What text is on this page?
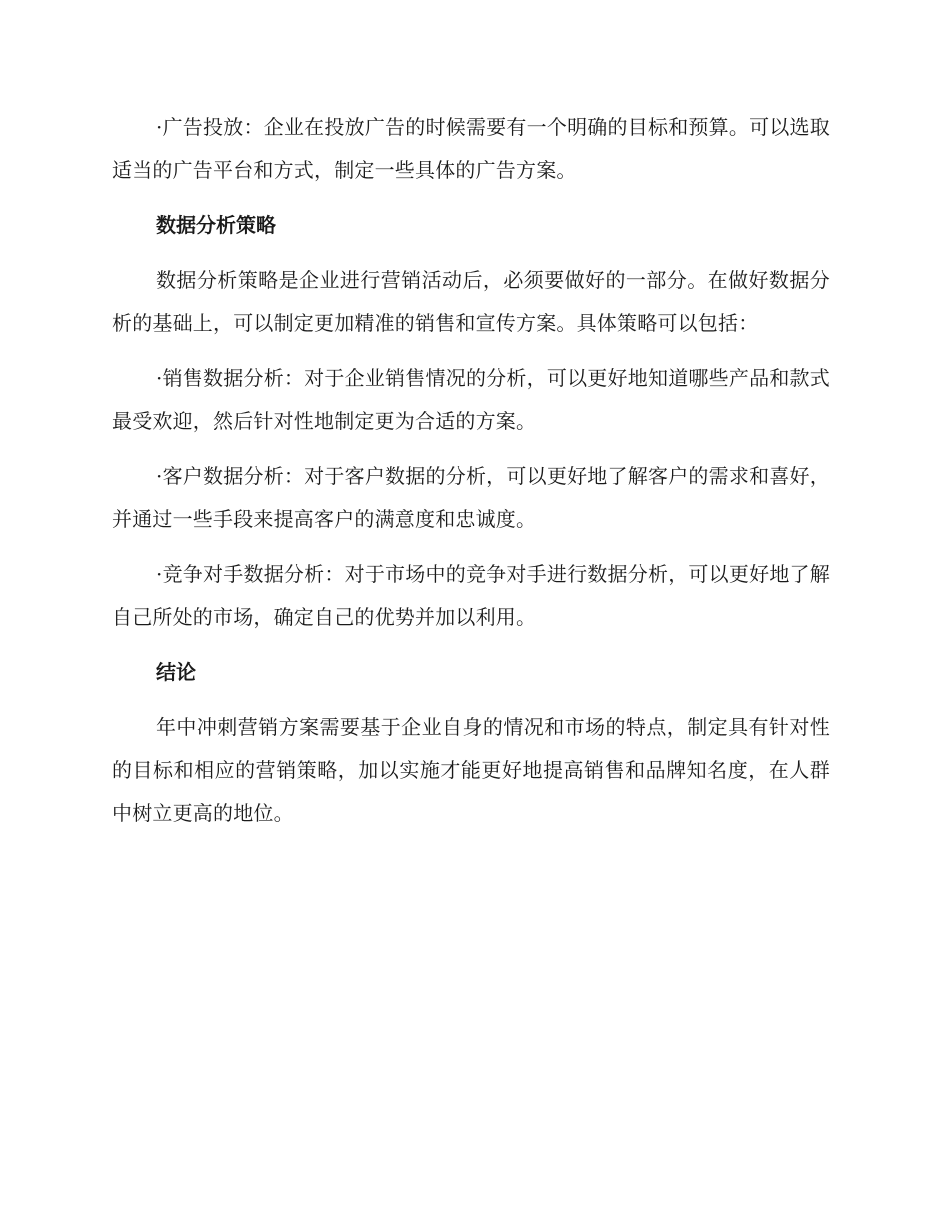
·广告投放：企业在投放广告的时候需要有一个明确的目标和预算。可以选取适当的广告平台和方式，制定一些具体的广告方案。

数据分析策略

数据分析策略是企业进行营销活动后，必须要做好的一部分。在做好数据分析的基础上，可以制定更加精准的销售和宣传方案。具体策略可以包括：

·销售数据分析：对于企业销售情况的分析，可以更好地知道哪些产品和款式最受欢迎，然后针对性地制定更为合适的方案。

·客户数据分析：对于客户数据的分析，可以更好地了解客户的需求和喜好，并通过一些手段来提高客户的满意度和忠诚度。

·竞争对手数据分析：对于市场中的竞争对手进行数据分析，可以更好地了解自己所处的市场，确定自己的优势并加以利用。

结论

年中冲刺营销方案需要基于企业自身的情况和市场的特点，制定具有针对性的目标和相应的营销策略，加以实施才能更好地提高销售和品牌知名度，在人群中树立更高的地位。
